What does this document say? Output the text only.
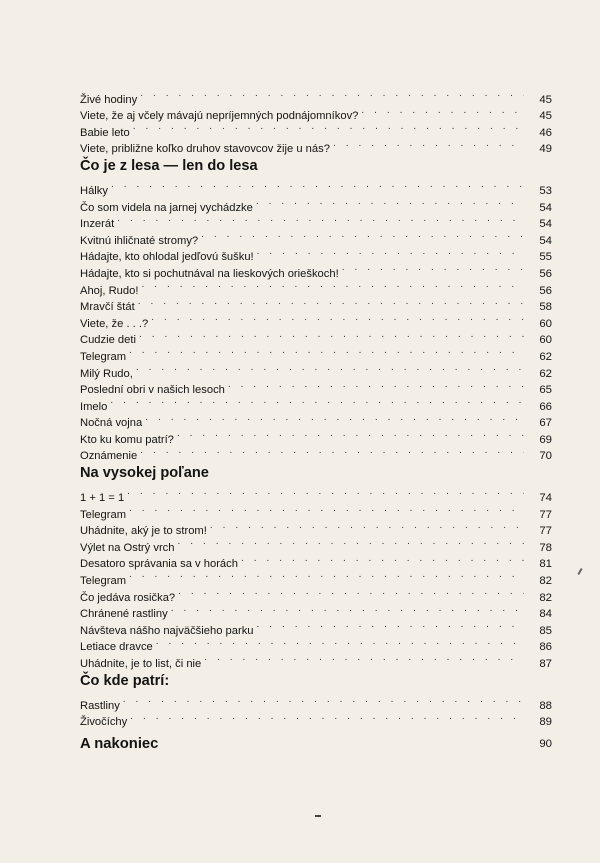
Živé hodiny . . .	45
Viete, že aj včely mávajú nepríjemných podnájomníkov? . . .	45
Babie leto . . .	46
Viete, približne koľko druhov stavovcov žije u nás? . . .	49
Čo je z lesa — len do lesa
Hálky . . .	53
Čo som videla na jarnej vychádzke . . .	54
Inzerát . . .	54
Kvitnú ihličnaté stromy? . . .	54
Hádajte, kto ohlodal jedľovú šušku! . . .	55
Hádajte, kto si pochutnával na lieskových orieškoch! . . .	56
Ahoj, Rudo! . . .	56
Mravčí štát . . .	58
Viete, že . . .? . . .	60
Cudzie deti . . .	60
Telegram . . .	62
Milý Rudo, . . .	62
Poslední obri v našich lesoch . . .	65
Imelo . . .	66
Nočná vojna . . .	67
Kto ku komu patrí? . . .	69
Oznámenie . . .	70
Na vysokej poľane
1 + 1 = 1 . . .	74
Telegram . . .	77
Uhádnite, aký je to strom! . . .	77
Výlet na Ostrý vrch . . .	78
Desatoro správania sa v horách . . .	81
Telegram . . .	82
Čo jedáva rosička? . . .	82
Chránené rastliny . . .	84
Návšteva nášho najväčšieho parku . . .	85
Letiace dravce . . .	86
Uhádnite, je to list, či nie . . .	87
Čo kde patrí:
Rastliny . . .	88
Živočíchy . . .	89
A nakoniec	90
